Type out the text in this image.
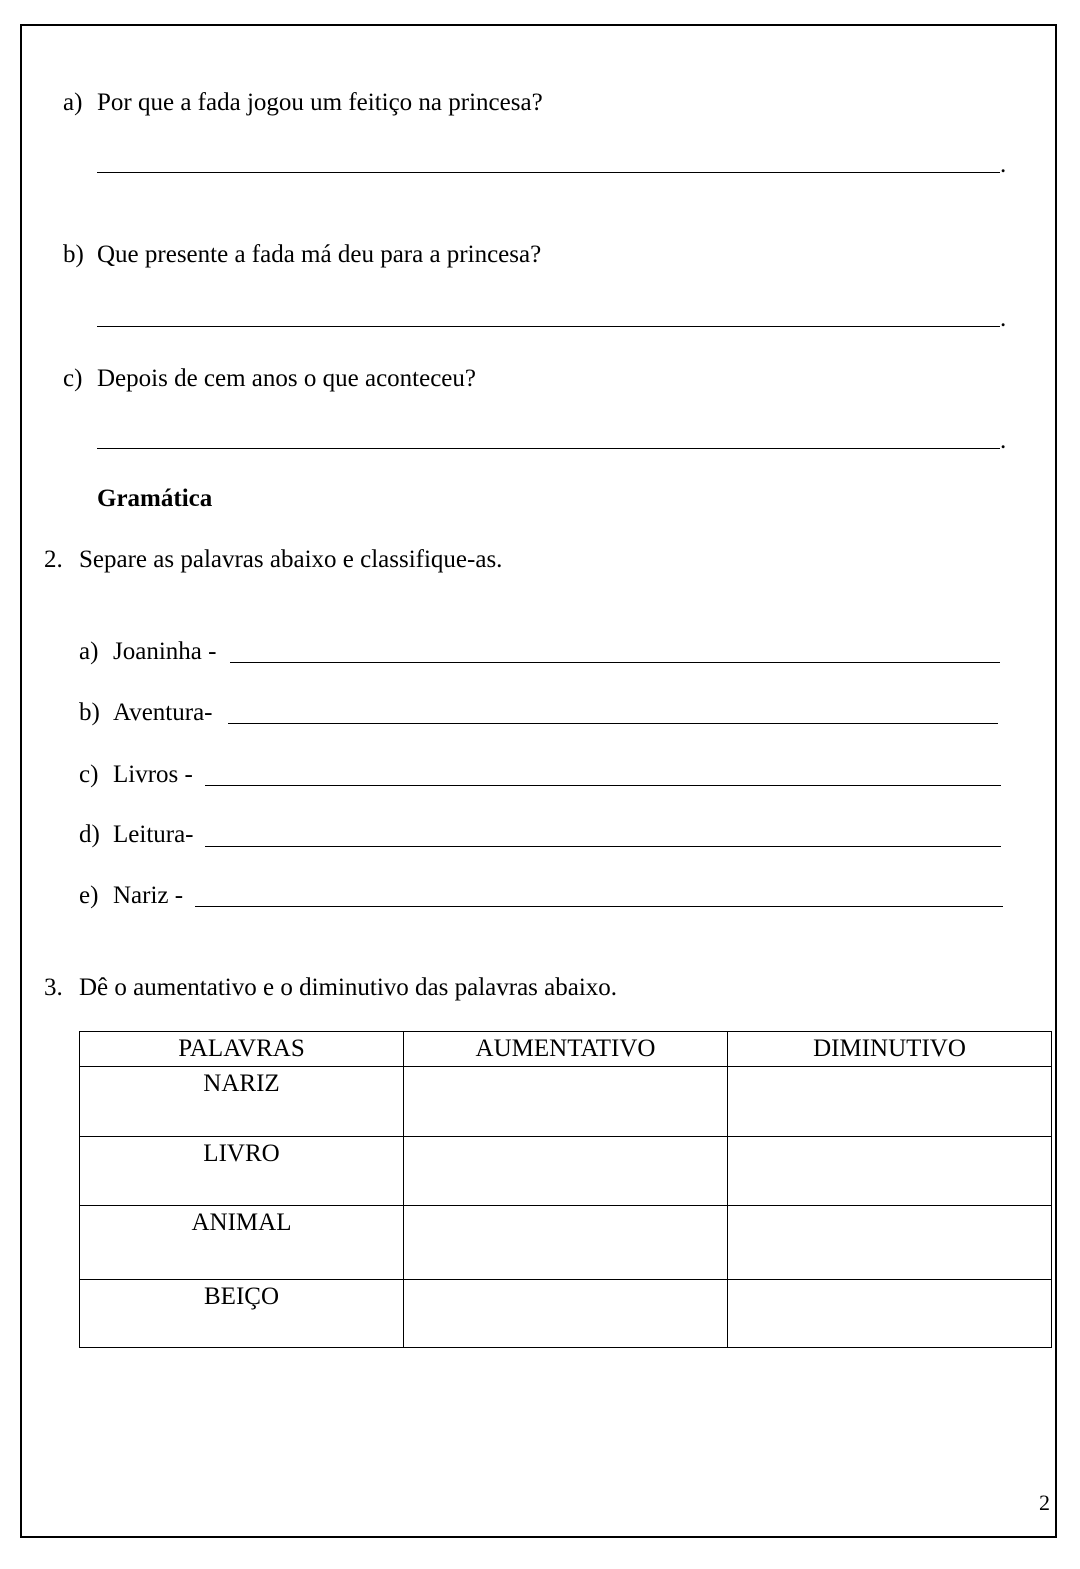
a) Por que a fada jogou um feitiço na princesa?
.
b) Que presente a fada má deu para a princesa?
.
c) Depois de cem anos o que aconteceu?
.
Gramática
2. Separe as palavras abaixo e classifique-as.
a) Joaninha -
b) Aventura-
c) Livros -
d) Leitura-
e) Nariz -
3. Dê o aumentativo e o diminutivo das palavras abaixo.
PALAVRAS	AUMENTATIVO	DIMINUTIVO

NARIZ		

LIVRO		

ANIMAL		

BEIÇO		

2
